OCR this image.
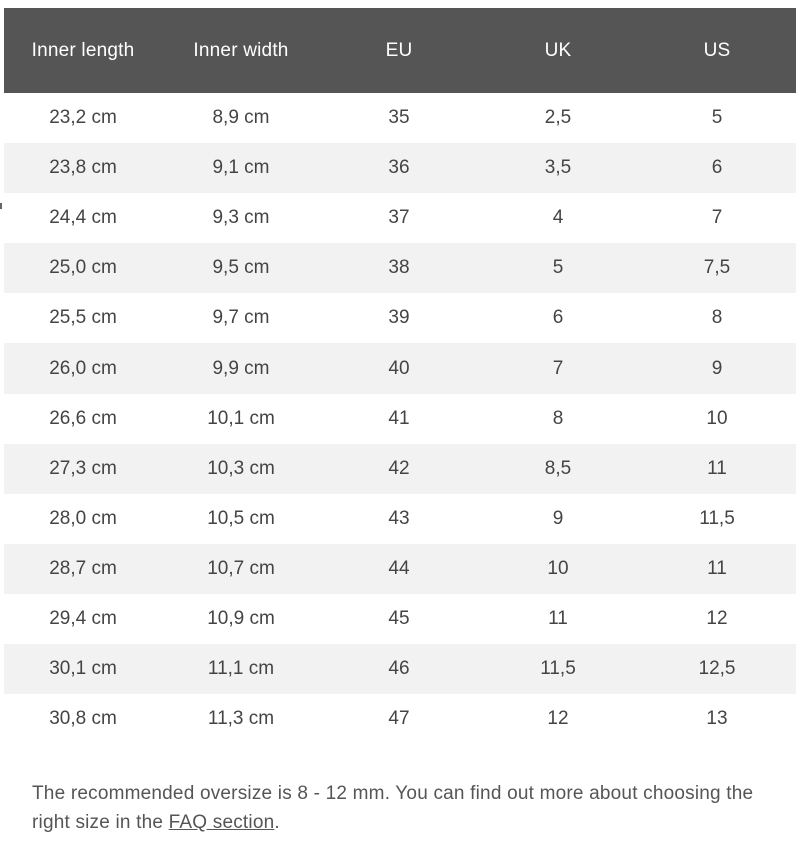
Inner length	Inner width	EU	UK	US
23,2 cm	8,9 cm	35	2,5	5
23,8 cm	9,1 cm	36	3,5	6
24,4 cm	9,3 cm	37	4	7
25,0 cm	9,5 cm	38	5	7,5
25,5 cm	9,7 cm	39	6	8
26,0 cm	9,9 cm	40	7	9
26,6 cm	10,1 cm	41	8	10
27,3 cm	10,3 cm	42	8,5	11
28,0 cm	10,5 cm	43	9	11,5
28,7 cm	10,7 cm	44	10	11
29,4 cm	10,9 cm	45	11	12
30,1 cm	11,1 cm	46	11,5	12,5
30,8 cm	11,3 cm	47	12	13

The recommended oversize is 8 - 12 mm. You can find out more about choosing the right size in the FAQ section.
